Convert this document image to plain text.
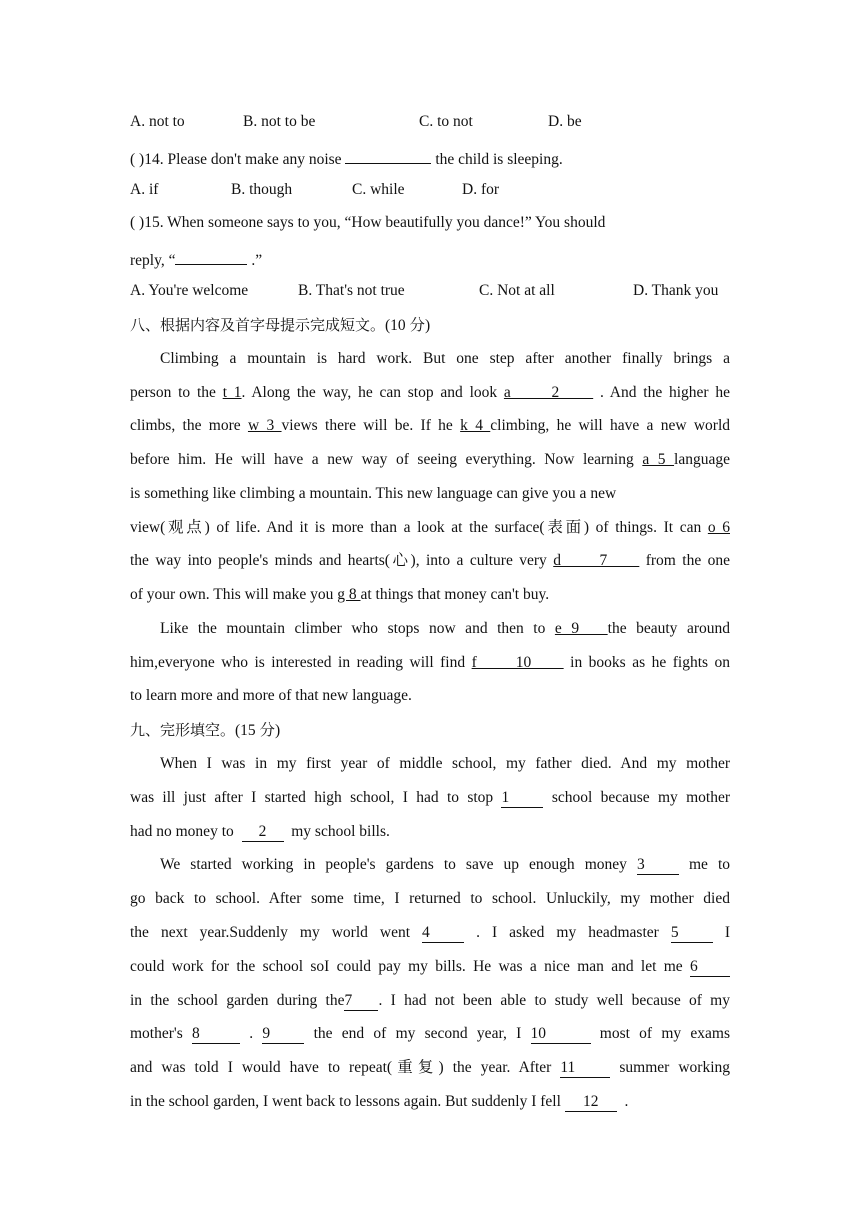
A. not to	B. not to be	C. to not	D. be
( )14. Please don't make any noise	the child is sleeping.
A. if	B. though	C. while	D. for
( )15. When someone says to you, “How beautifully you dance!” You should
reply, “	.”
A. You're welcome	B. That's not true	C. Not at all	D. Thank you
八、根据内容及首字母提示完成短文。(10 分)
Climbing a mountain is hard work. But one step after another finally brings a
person to the t 1. Along the way, he can stop and look a      2      . And the higher he
climbs, the more w 3 views there will be. If he k 4 climbing, he will have a new world
before him. He will have a new way of seeing everything. Now learning a 5 language
is something like climbing a mountain. This new language can give you a new
view(观点) of life. And it is more than a look at the surface(表面) of things. It can o 6
the way into people's minds and hearts(心), into a culture very d      7      from the one
of your own. This will make you g 8 at things that money can't buy.
Like the mountain climber who stops now and then to e 9   the beauty around
him,everyone who is interested in reading will find f      10      in books as he fights on
to learn more and more of that new language.
九、完形填空。(15 分)
When I was in my first year of middle school, my father died. And my mother
was ill just after I started high school, I had to stop 1	school because my mother
had no money to 2 my school bills.
We started working in people's gardens to save up enough money 3	me to
go back to school. After some time, I returned to school. Unluckily, my mother died
the next year.Suddenly my world went 4	. I asked my headmaster 5	I
could work for the school soI could pay my bills. He was a nice man and let me 6
in the school garden during the7 . I had not been able to study well because of my
mother's 8	. 9	the end of my second year, I 10	most of my exams
and was told I would have to repeat(重复) the year. After 11	summer working
in the school garden, I went back to lessons again. But suddenly I fell 12 .
